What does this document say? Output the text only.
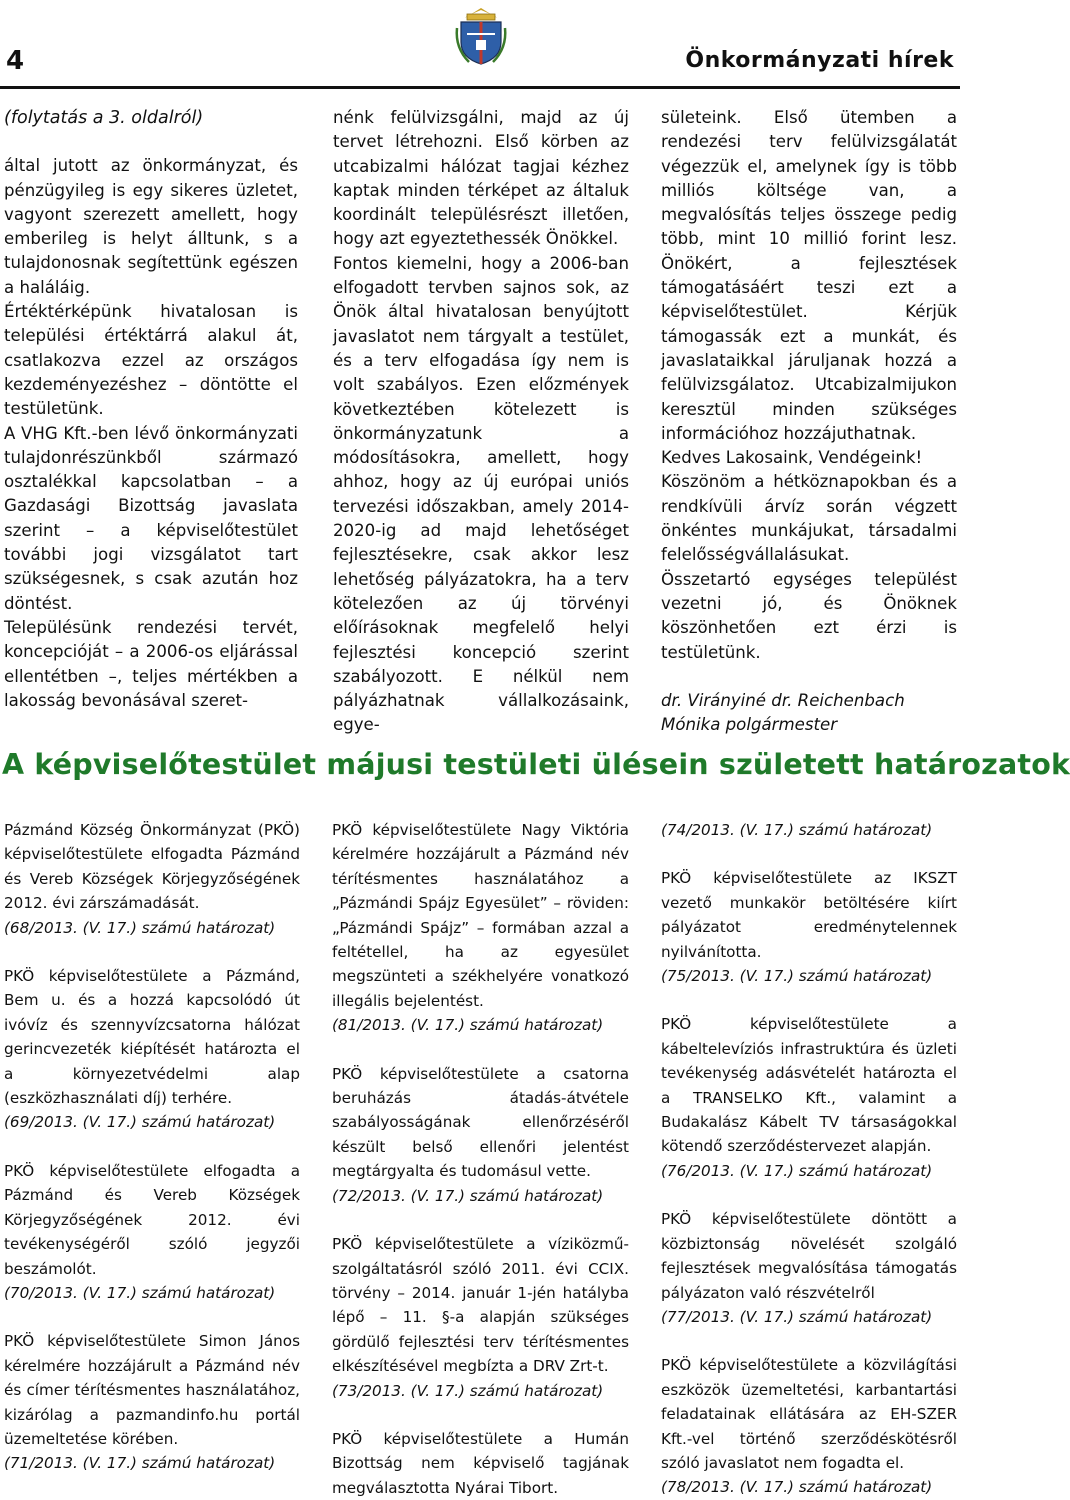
4	Önkormányzati hírek

(folytatás a 3. oldalról)

által jutott az önkormányzat, és pénzügyileg is egy sikeres üzletet, vagyont szerezett amellett, hogy emberileg is helyt álltunk, s a tulajdonosnak segítettünk egészen a haláláig.

Értéktérképünk hivatalosan is települési értéktárrá alakul át, csatlakozva ezzel az országos kezdeményezéshez – döntötte el testületünk.

A VHG Kft.-ben lévő önkormányzati tulajdonrészünkből származó osztalékkal kapcsolatban – a Gazdasági Bizottság javaslata szerint – a képviselőtestület további jogi vizsgálatot tart szükségesnek, s csak azután hoz döntést.

Településünk rendezési tervét, koncepcióját – a 2006-os eljárással ellentétben –, teljes mértékben a lakosság bevonásával szeret-

nénk felülvizsgálni, majd az új tervet létrehozni. Első körben az utcabizalmi hálózat tagjai kézhez kaptak minden térképet az általuk koordinált településrészt illetően, hogy azt egyeztethessék Önökkel.

Fontos kiemelni, hogy a 2006-ban elfogadott tervben sajnos sok, az Önök által hivatalosan benyújtott javaslatot nem tárgyalt a testület, és a terv elfogadása így nem is volt szabályos. Ezen előzmények következtében kötelezett is önkormányzatunk a módosításokra, amellett, hogy ahhoz, hogy az új európai uniós tervezési időszakban, amely 2014-2020-ig ad majd lehetőséget fejlesztésekre, csak akkor lesz lehetőség pályázatokra, ha a terv kötelezően az új törvényi előírásoknak megfelelő helyi fejlesztési koncepció szerint szabályozott. E nélkül nem pályázhatnak vállalkozásaink, egye-

sületeink. Első ütemben a rendezési terv felülvizsgálatát végezzük el, amelynek így is több milliós költsége van, a megvalósítás teljes összege pedig több, mint 10 millió forint lesz. Önökért, a fejlesztések támogatásáért teszi ezt a képviselőtestület. Kérjük támogassák ezt a munkát, és javaslataikkal járuljanak hozzá a felülvizsgálatoz. Utcabizalmijukon keresztül minden szükséges információhoz hozzájuthatnak.

Kedves Lakosaink, Vendégeink!

Köszönöm a hétköznapokban és a rendkívüli árvíz során végzett önkéntes munkájukat, társadalmi felelősségvállalásukat.

Összetartó egységes települést vezetni jó, és Önöknek köszönhetően ezt érzi is testületünk.

dr. Virányiné dr. Reichenbach

Mónika polgármester

A képviselőtestület májusi testületi ülésein született határozatok

Pázmánd Község Önkormányzat (PKÖ) képviselőtestülete elfogadta Pázmánd és Vereb Községek Körjegyzőségének 2012. évi zárszámadását.

(68/2013. (V. 17.) számú határozat)

PKÖ képviselőtestülete a Pázmánd, Bem u. és a hozzá kapcsolódó út ivóvíz és szennyvízcsatorna hálózat gerincvezeték kiépítését határozta el a környezetvédelmi alap (eszközhasználati díj) terhére.

(69/2013. (V. 17.) számú határozat)

PKÖ képviselőtestülete elfogadta a Pázmánd és Vereb Községek Körjegyzőségének 2012. évi tevékenységéről szóló jegyzői beszámolót.

(70/2013. (V. 17.) számú határozat)

PKÖ képviselőtestülete Simon János kérelmére hozzájárult a Pázmánd név és címer térítésmentes használatához, kizárólag a pazmandinfo.hu portál üzemeltetése körében.

(71/2013. (V. 17.) számú határozat)

PKÖ képviselőtestülete Nagy Viktória kérelmére hozzájárult a Pázmánd név térítésmentes használatához a „Pázmándi Spájz Egyesület” – röviden: „Pázmándi Spájz” – formában azzal a feltétellel, ha az egyesület megszünteti a székhelyére vonatkozó illegális bejelentést.

(81/2013. (V. 17.) számú határozat)

PKÖ képviselőtestülete a csatorna beruházás átadás-átvétele szabályosságának ellenőrzéséről készült belső ellenőri jelentést megtárgyalta és tudomásul vette.

(72/2013. (V. 17.) számú határozat)

PKÖ képviselőtestülete a víziközmű-szolgáltatásról szóló 2011. évi CCIX. törvény – 2014. január 1-jén hatályba lépő – 11. §-a alapján szükséges gördülő fejlesztési terv térítésmentes elkészítésével megbízta a DRV Zrt-t.

(73/2013. (V. 17.) számú határozat)

PKÖ képviselőtestülete a Humán Bizottság nem képviselő tagjának megválasztotta Nyárai Tibort.

(74/2013. (V. 17.) számú határozat)

PKÖ képviselőtestülete az IKSZT vezető munkakör betöltésére kiírt pályázatot eredménytelennek nyilvánította.

(75/2013. (V. 17.) számú határozat)

PKÖ képviselőtestülete a kábeltelevíziós infrastruktúra és üzleti tevékenység adásvételét határozta el a TRANSELKO Kft., valamint a Budakalász Kábelt TV társaságokkal kötendő szerződéstervezet alapján.

(76/2013. (V. 17.) számú határozat)

PKÖ képviselőtestülete döntött a közbiztonság növelését szolgáló fejlesztések megvalósítása támogatás pályázaton való részvételről

(77/2013. (V. 17.) számú határozat)

PKÖ képviselőtestülete a közvilágítási eszközök üzemeltetési, karbantartási feladatainak ellátására az EH-SZER Kft.-vel történő szerződéskötésről szóló javaslatot nem fogadta el.

(78/2013. (V. 17.) számú határozat)
